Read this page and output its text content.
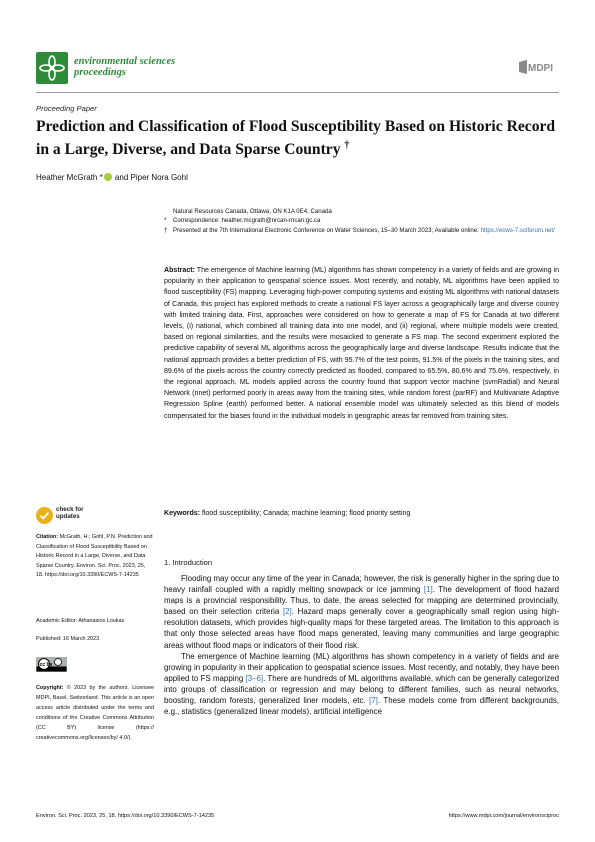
environmental sciences
proceedings	MDPI
Proceeding Paper
Prediction and Classification of Flood Susceptibility Based on Historic Record in a Large, Diverse, and Data Sparse Country †
Heather McGrath * and Piper Nora Gohl
Natural Resources Canada, Ottawa, ON K1A 0E4, Canada
*	Correspondence: heather.mcgrath@nrcan-rncan.gc.ca
† Presented at the 7th International Electronic Conference on Water Sciences, 15–30 March 2023; Available online: https://ecws-7.sciforum.net/
Abstract: The emergence of Machine learning (ML) algorithms has shown competency in a variety of fields and are growing in popularity in their application to geospatial science issues. Most recently, and notably, ML algorithms have been applied to flood susceptibility (FS) mapping. Leveraging high-power computing systems and existing ML algorithms with national datasets of Canada, this project has explored methods to create a national FS layer across a geographically large and diverse country with limited training data. First, approaches were considered on how to generate a map of FS for Canada at two different levels, (i) national, which combined all training data into one model, and (ii) regional, where multiple models were created, based on regional similarities, and the results were mosaicked to generate a FS map. The second experiment explored the predictive capability of several ML algorithms across the geographically large and diverse landscape. Results indicate that the national approach provides a better prediction of FS, with 95.7% of the test points, 91.5% of the pixels in the training sites, and 89.6% of the pixels across the country correctly predicted as flooded, compared to 65.5%, 80.6% and 75.6%, respectively, in the regional approach. ML models applied across the country found that support vector machine (svmRadial) and Neural Network (nnet) performed poorly in areas away from the training sites, while random forest (parRF) and Multivariate Adaptive Regression Spline (earth) performed better. A national ensemble model was ultimately selected as this blend of models compensated for the biases found in the individual models in geographic areas far removed from training sites.
Keywords: flood susceptibility; Canada; machine learning; flood priority setting
check for
updates
Citation: McGrath, H.; Gohl, P.N. Prediction and Classification of Flood Susceptibility Based on Historic Record in a Large, Diverse, and Data Sparse Country. Environ. Sci. Proc. 2023, 25, 18. https://doi.org/10.3390/ECWS-7-14235
Academic Editor: Athanasios Loukas
Published: 16 March 2023
cc by
Copyright: © 2023 by the authors. Licensee MDPI, Basel, Switzerland. This article is an open access article distributed under the terms and conditions of the Creative Commons Attribution (CC BY) license (https:// creativecommons.org/licenses/by/ 4.0/).
1. Introduction

Flooding may occur any time of the year in Canada; however, the risk is generally higher in the spring due to heavy rainfall coupled with a rapidly melting snowpack or ice jamming [1]. The development of flood hazard maps is a provincial responsibility. Thus, to date, the areas selected for mapping are determined provincially, based on their selection criteria [2]. Hazard maps generally cover a geographically small region using high-resolution datasets, which provides high-quality maps for these targeted areas. The limitation to this approach is that only those selected areas have flood maps generated, leaving many communities and large geographic areas without flood maps or indicators of their flood risk.

The emergence of Machine learning (ML) algorithms has shown competency in a variety of fields and are growing in popularity in their application to geospatial science issues. Most recently, and notably, they have been applied to FS mapping [3–6]. There are hundreds of ML algorithms available, which can be generally categorized into groups of classification or regression and may belong to different families, such as neural networks, boosting, random forests, generalized liner models, etc. [7]. These models come from different backgrounds, e.g., statistics (generalized linear models), artificial intelligence

Environ. Sci. Proc. 2023, 25, 18. https://doi.org/10.3390/ECWS-7-14235	https://www.mdpi.com/journal/environsciproc
